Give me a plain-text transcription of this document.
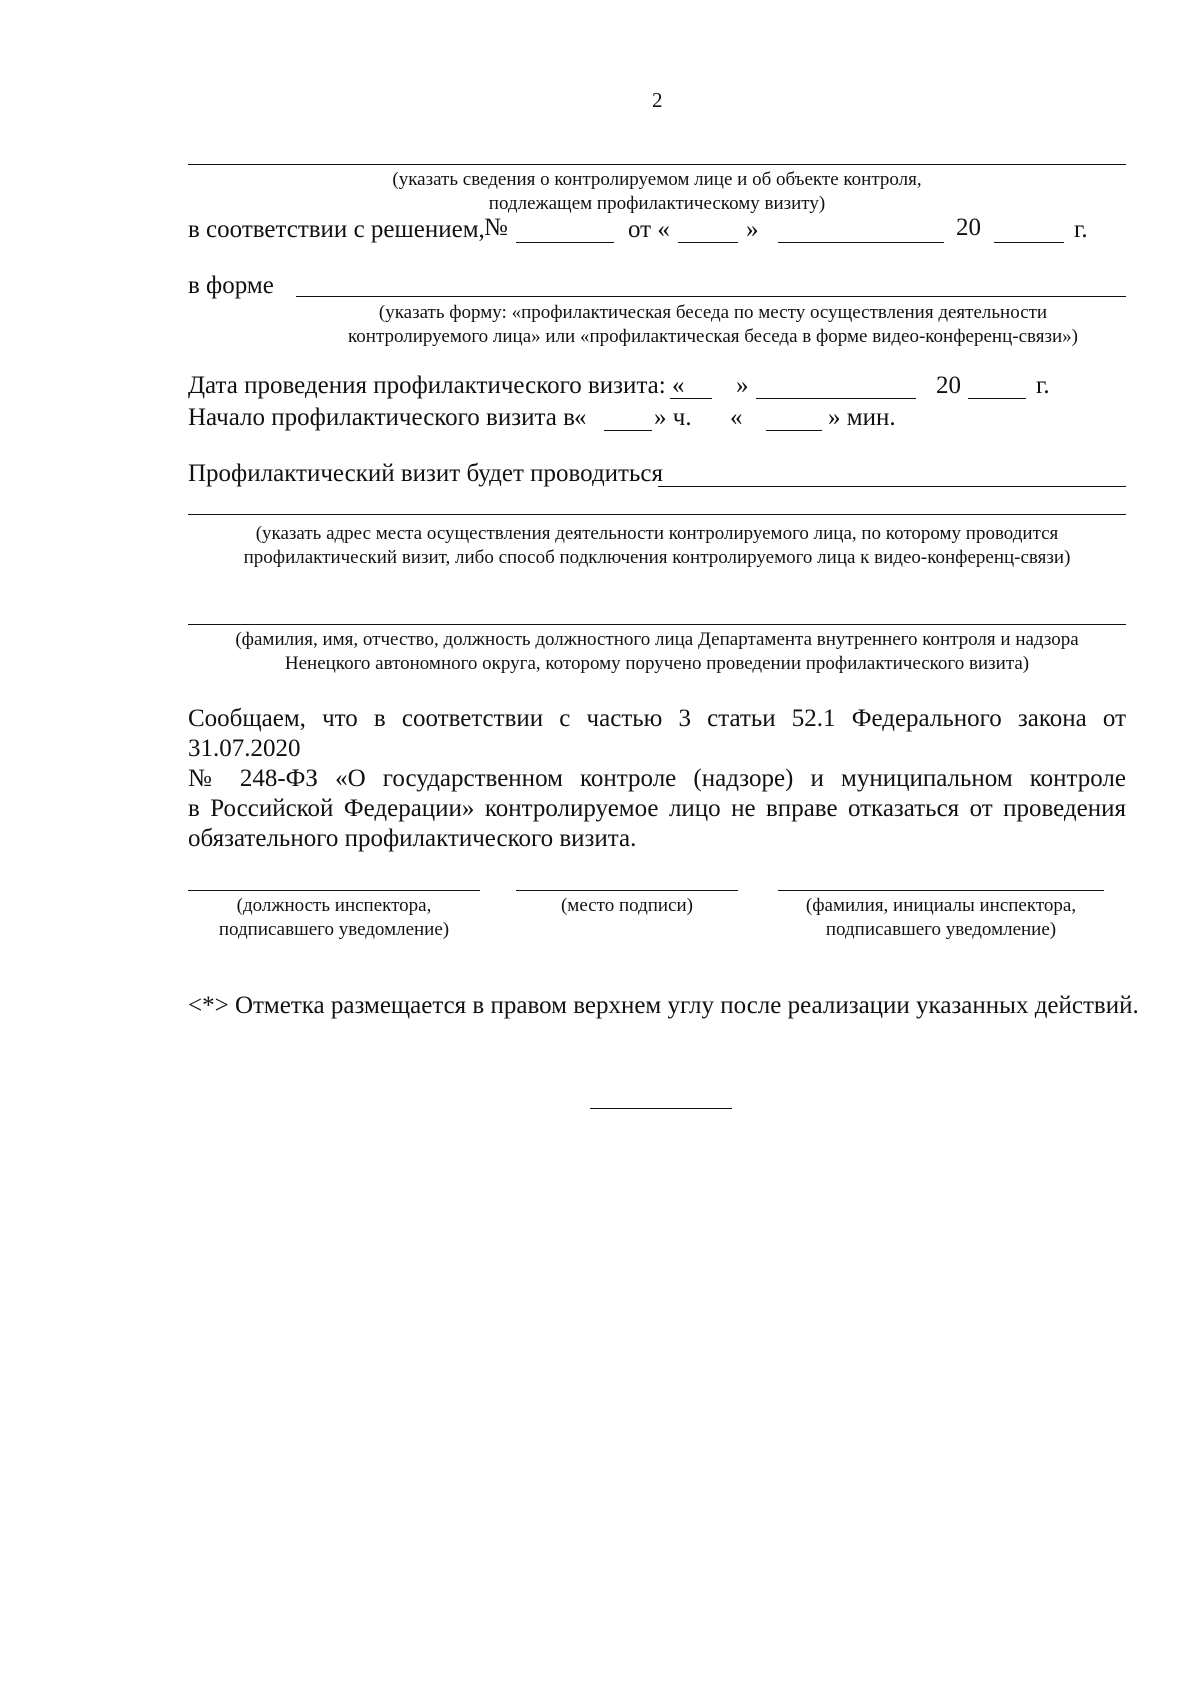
2
(указать сведения о контролируемом лице и об объекте контроля,
подлежащем профилактическому визиту)
в соответствии с решением, №	от «	»	20	г.
в форме
(указать форму: «профилактическая беседа по месту осуществления деятельности
контролируемого лица» или «профилактическая беседа в форме видео-конференц-связи»)
Дата проведения профилактического визита: « »	20	г.
Начало профилактического визита в «	» ч. «	» мин.
Профилактический визит будет проводиться
(указать адрес места осуществления деятельности контролируемого лица, по которому проводится
профилактический визит, либо способ подключения контролируемого лица к видео-конференц-связи)
(фамилия, имя, отчество, должность должностного лица Департамента внутреннего контроля и надзора
Ненецкого автономного округа, которому поручено проведении профилактического визита)
Сообщаем, что в соответствии с частью 3 статьи 52.1 Федерального закона от 31.07.2020
№ 248-ФЗ «О государственном контроле (надзоре) и муниципальном контроле
в Российской Федерации» контролируемое лицо не вправе отказаться от проведения
обязательного профилактического визита.
(должность инспектора,
подписавшего уведомление)
(место подписи)	(фамилия, инициалы инспектора,
подписавшего уведомление)
<*> Отметка размещается в правом верхнем углу после реализации указанных действий.
